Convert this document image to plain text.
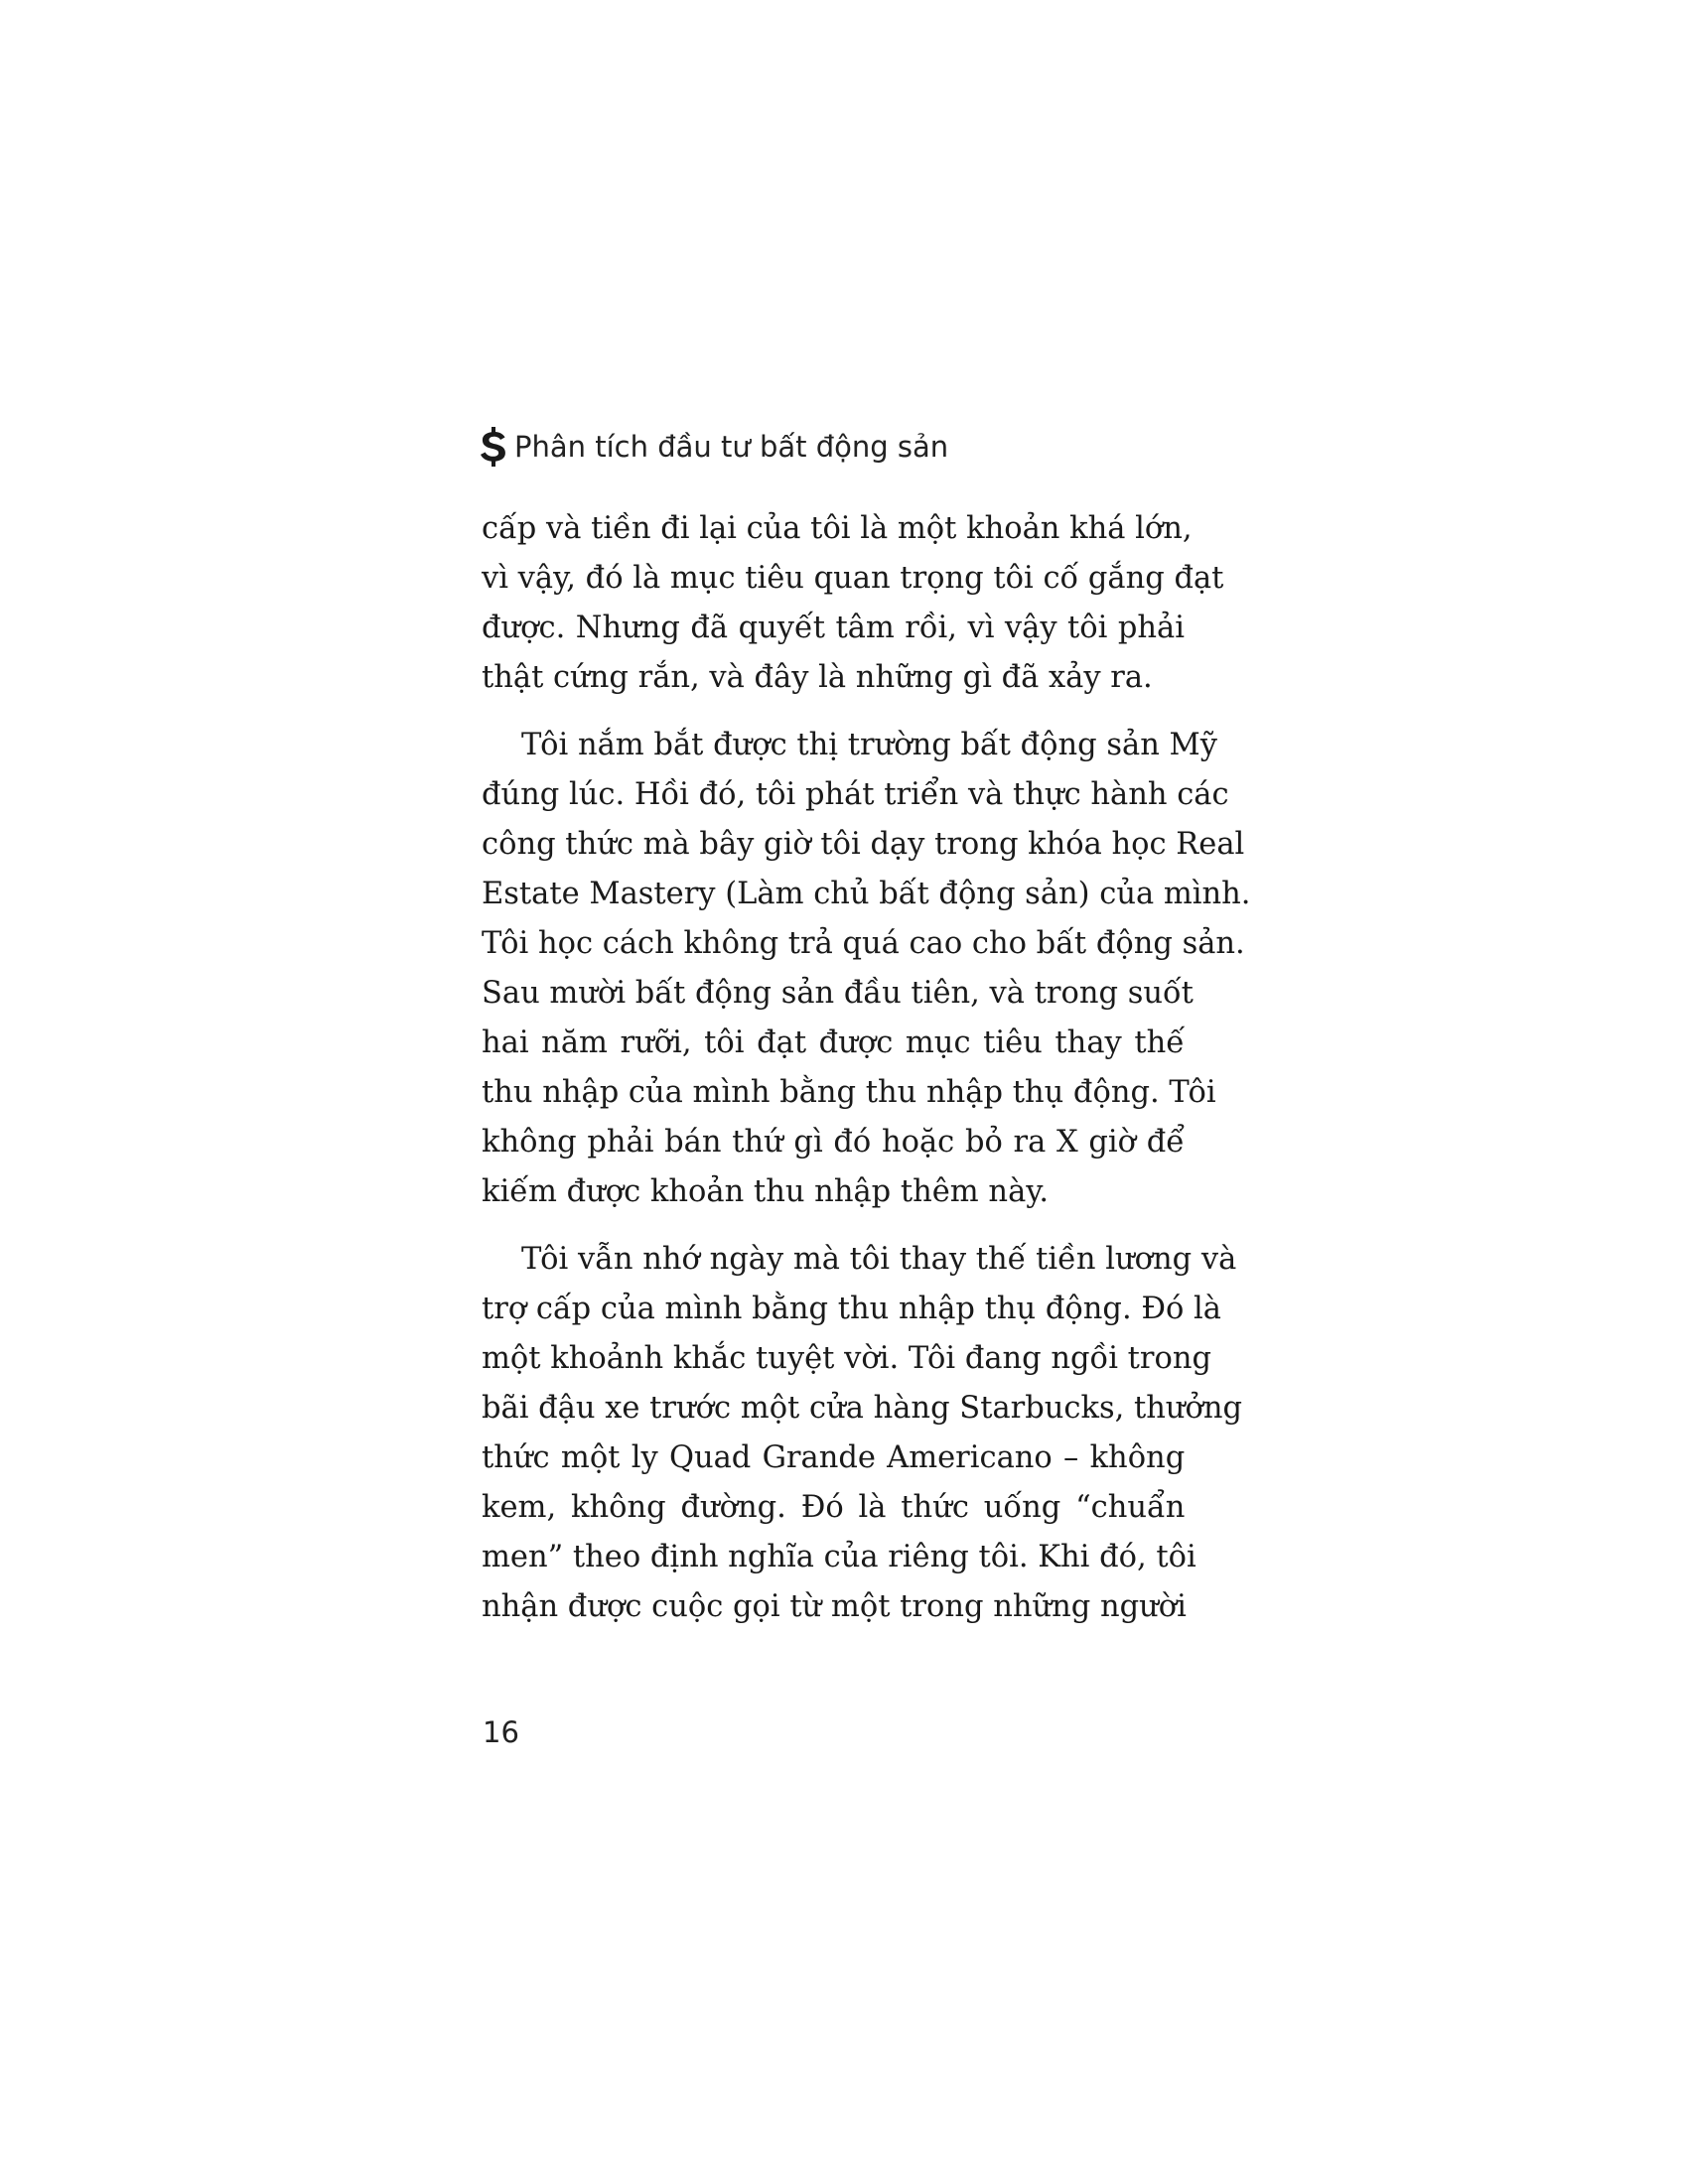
Phân tích đầu tư bất động sản
cấp và tiền đi lại của tôi là một khoản khá lớn,
vì vậy, đó là mục tiêu quan trọng tôi cố gắng đạt
được. Nhưng đã quyết tâm rồi, vì vậy tôi phải
thật cứng rắn, và đây là những gì đã xảy ra.
Tôi nắm bắt được thị trường bất động sản Mỹ
đúng lúc. Hồi đó, tôi phát triển và thực hành các
công thức mà bây giờ tôi dạy trong khóa học Real
Estate Mastery (Làm chủ bất động sản) của mình.
Tôi học cách không trả quá cao cho bất động sản.
Sau mười bất động sản đầu tiên, và trong suốt
hai năm rưỡi, tôi đạt được mục tiêu thay thế
thu nhập của mình bằng thu nhập thụ động. Tôi
không phải bán thứ gì đó hoặc bỏ ra X giờ để
kiếm được khoản thu nhập thêm này.
Tôi vẫn nhớ ngày mà tôi thay thế tiền lương và
trợ cấp của mình bằng thu nhập thụ động. Đó là
một khoảnh khắc tuyệt vời. Tôi đang ngồi trong
bãi đậu xe trước một cửa hàng Starbucks, thưởng
thức một ly Quad Grande Americano – không
kem, không đường. Đó là thức uống “chuẩn
men” theo định nghĩa của riêng tôi. Khi đó, tôi
nhận được cuộc gọi từ một trong những người
16
